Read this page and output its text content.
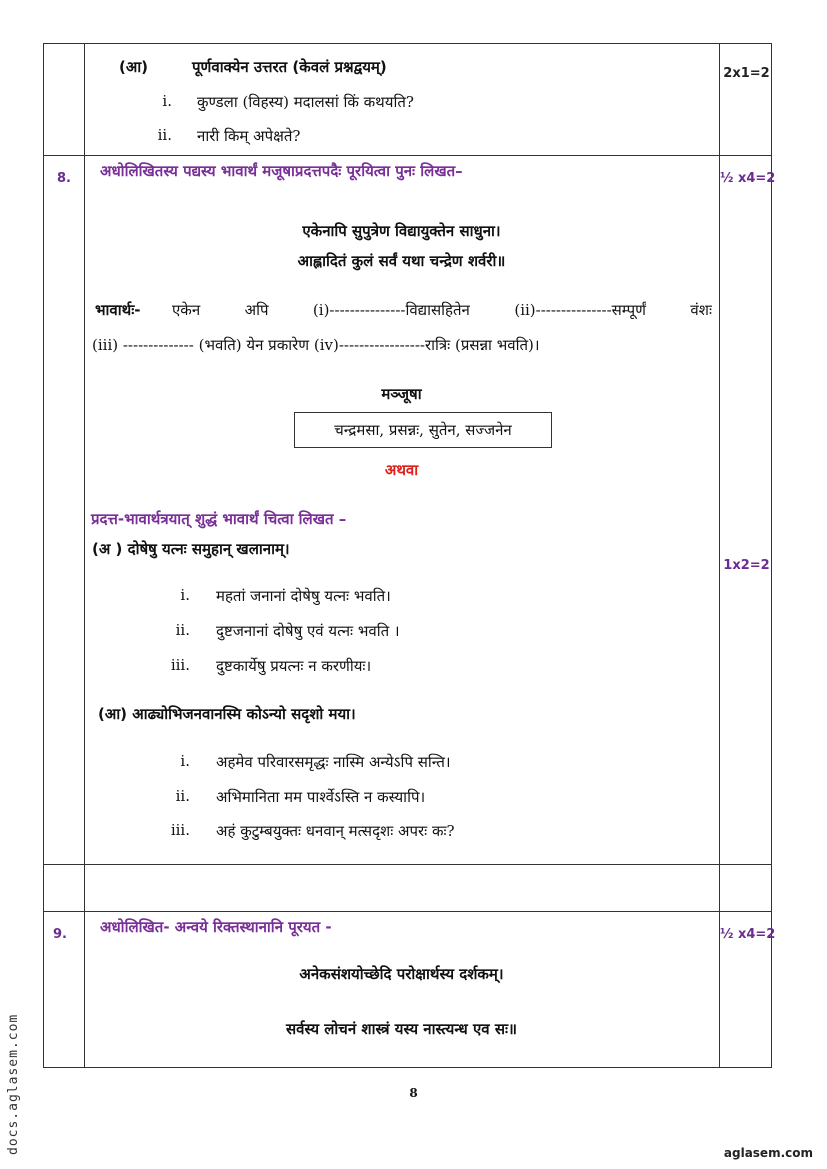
(आ)	पूर्णवाक्येन उत्तरत (केवलं प्रश्नद्वयम्)	2x1=2
i. कुण्डला (विहस्य) मदालसां किं कथयति?
ii. नारी किम् अपेक्षते?
8. अधोलिखितस्य पद्यस्य भावार्थं मजूषाप्रदत्तपदैः पूरयित्वा पुनः लिखत–	½ x4=2
एकेनापि सुपुत्रेण विद्यायुक्तेन साधुना।
आह्लादितं कुलं सर्वं यथा चन्द्रेण शर्वरी॥
भावार्थः- एकेन अपि (i)---------------विद्यासहितेन (ii)---------------सम्पूर्णं वंशः
(iii) -------------- (भवति) येन प्रकारेण (iv)-----------------रात्रिः (प्रसन्ना भवति)।
मञ्जूषा
चन्द्रमसा, प्रसन्नः, सुतेन, सज्जनेन
अथवा
प्रदत्त-भावार्थत्रयात् शुद्धं भावार्थं चित्वा लिखत –
1x2=2
(अ ) दोषेषु यत्नः समुहान् खलानाम्।
i. महतां जनानां दोषेषु यत्नः भवति।
ii. दुष्टजनानां दोषेषु एवं यत्नः भवति ।
iii. दुष्टकार्येषु प्रयत्नः न करणीयः।
(आ) आढ्योभिजनवानस्मि कोऽन्यो सदृशो मया।
i. अहमेव परिवारसमृद्धः नास्मि अन्येऽपि सन्ति।
ii. अभिमानिता मम पार्श्वेऽस्ति न कस्यापि।
iii. अहं कुटुम्बयुक्तः धनवान् मत्सदृशः अपरः कः?
9. अधोलिखित- अन्वये रिक्तस्थानानि पूरयत -	½ x4=2
अनेकसंशयोच्छेदि परोक्षार्थस्य दर्शकम्।
सर्वस्य लोचनं शास्त्रं यस्य नास्त्यन्ध एव सः॥
8
docs.aglasem.com	aglasem.com
